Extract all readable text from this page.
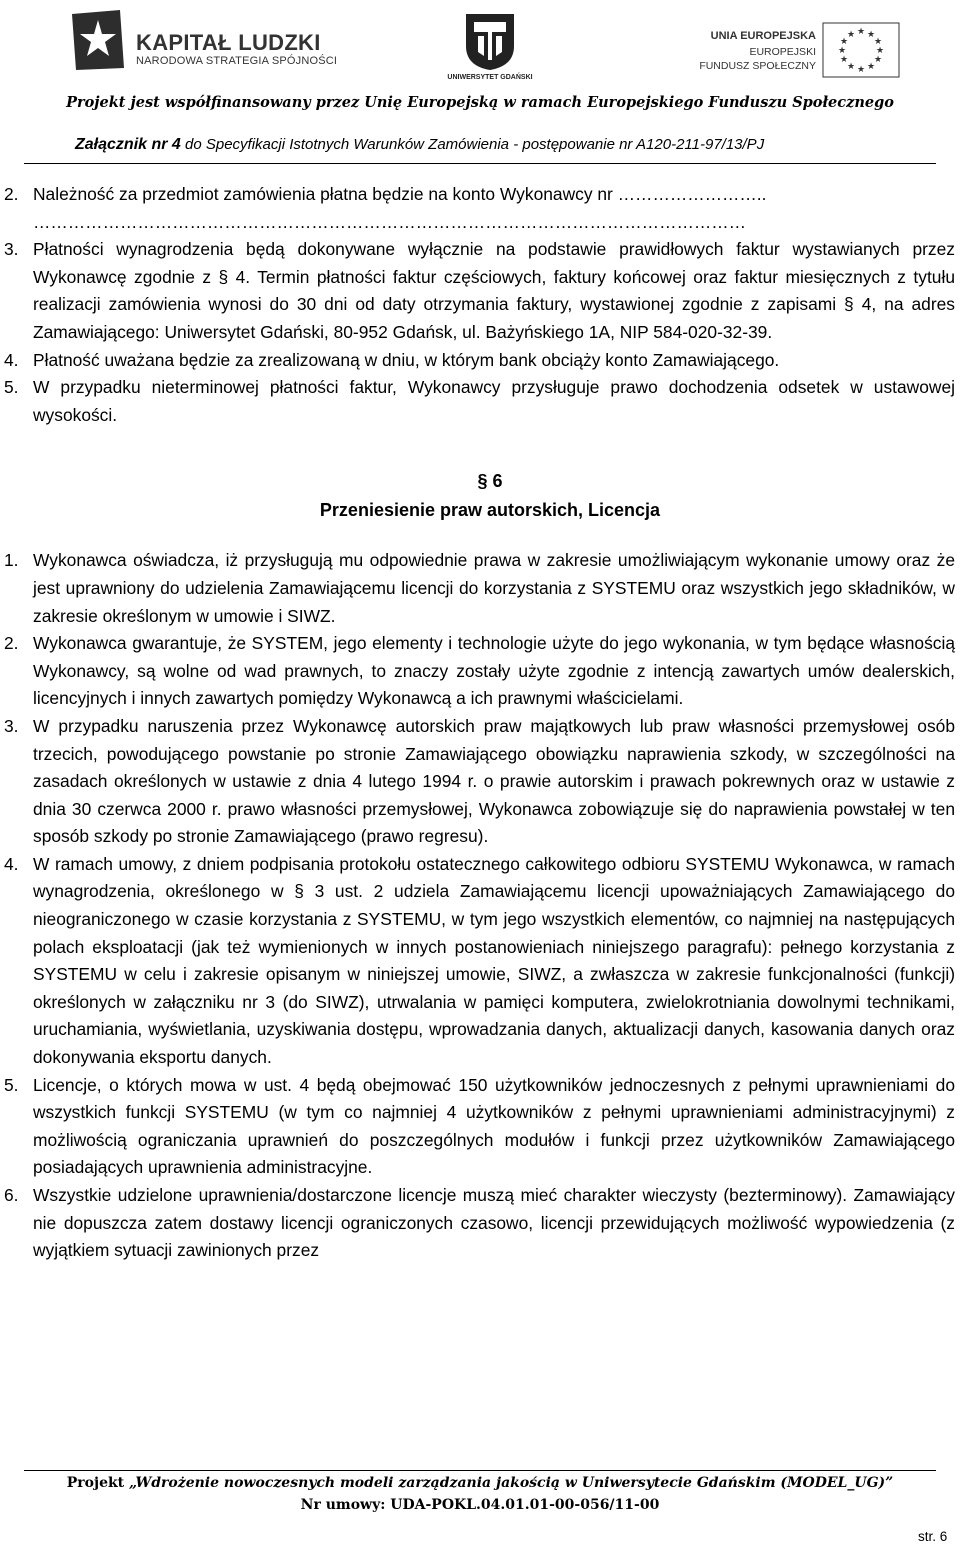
KAPITAŁ LUDZKI
NARODOWA STRATEGIA SPÓJNOŚCI
UNIWERSYTET GDAŃSKI
UNIA EUROPEJSKA
EUROPEJSKI
FUNDUSZ SPOŁECZNY
★ ★
★
★
★
★
★
★
★
★
★
★
Projekt jest współfinansowany przez Unię Europejską w ramach Europejskiego Funduszu Społecznego
Załącznik nr 4 do Specyfikacji Istotnych Warunków Zamówienia - postępowanie nr A120-211-97/13/PJ
2. Należność za przedmiot zamówienia płatna będzie na konto Wykonawcy nr ……………………..
……………………………………………………………………………………………………………
3. Płatności wynagrodzenia będą dokonywane wyłącznie na podstawie prawidłowych faktur wystawianych przez Wykonawcę zgodnie z § 4. Termin płatności faktur częściowych, faktury końcowej oraz faktur miesięcznych z tytułu realizacji zamówienia wynosi do 30 dni od daty otrzymania faktury, wystawionej zgodnie z zapisami § 4, na adres Zamawiającego: Uniwersytet Gdański, 80-952 Gdańsk, ul. Bażyńskiego 1A, NIP 584-020-32-39.
4. Płatność uważana będzie za zrealizowaną w dniu, w którym bank obciąży konto Zamawiającego.
5. W przypadku nieterminowej płatności faktur, Wykonawcy przysługuje prawo dochodzenia odsetek w ustawowej wysokości.
§ 6
Przeniesienie praw autorskich, Licencja
1. Wykonawca oświadcza, iż przysługują mu odpowiednie prawa w zakresie umożliwiającym wykonanie umowy oraz że jest uprawniony do udzielenia Zamawiającemu licencji do korzystania z SYSTEMU oraz wszystkich jego składników, w zakresie określonym w umowie i SIWZ.
2. Wykonawca gwarantuje, że SYSTEM, jego elementy i technologie użyte do jego wykonania, w tym będące własnością Wykonawcy, są wolne od wad prawnych, to znaczy zostały użyte zgodnie z intencją zawartych umów dealerskich, licencyjnych i innych zawartych pomiędzy Wykonawcą a ich prawnymi właścicielami.
3. W przypadku naruszenia przez Wykonawcę autorskich praw majątkowych lub praw własności przemysłowej osób trzecich, powodującego powstanie po stronie Zamawiającego obowiązku naprawienia szkody, w szczególności na zasadach określonych w ustawie z dnia 4 lutego 1994 r. o prawie autorskim i prawach pokrewnych oraz w ustawie z dnia 30 czerwca 2000 r. prawo własności przemysłowej, Wykonawca zobowiązuje się do naprawienia powstałej w ten sposób szkody po stronie Zamawiającego (prawo regresu).
4. W ramach umowy, z dniem podpisania protokołu ostatecznego całkowitego odbioru SYSTEMU Wykonawca, w ramach wynagrodzenia, określonego w § 3 ust. 2 udziela Zamawiającemu licencji upoważniających Zamawiającego do nieograniczonego w czasie korzystania z SYSTEMU, w tym jego wszystkich elementów, co najmniej na następujących polach eksploatacji (jak też wymienionych w innych postanowieniach niniejszego paragrafu): pełnego korzystania z SYSTEMU w celu i zakresie opisanym w niniejszej umowie, SIWZ, a zwłaszcza w zakresie funkcjonalności (funkcji) określonych w załączniku nr 3 (do SIWZ), utrwalania w pamięci komputera, zwielokrotniania dowolnymi technikami, uruchamiania, wyświetlania, uzyskiwania dostępu, wprowadzania danych, aktualizacji danych, kasowania danych oraz dokonywania eksportu danych.
5. Licencje, o których mowa w ust. 4 będą obejmować 150 użytkowników jednoczesnych z pełnymi uprawnieniami do wszystkich funkcji SYSTEMU (w tym co najmniej 4 użytkowników z pełnymi uprawnieniami administracyjnymi) z możliwością ograniczania uprawnień do poszczególnych modułów i funkcji przez użytkowników Zamawiającego posiadających uprawnienia administracyjne.
6. Wszystkie udzielone uprawnienia/dostarczone licencje muszą mieć charakter wieczysty (bezterminowy). Zamawiający nie dopuszcza zatem dostawy licencji ograniczonych czasowo, licencji przewidujących możliwość wypowiedzenia (z wyjątkiem sytuacji zawinionych przez
Projekt „Wdrożenie nowoczesnych modeli zarządzania jakością w Uniwersytecie Gdańskim (MODEL_UG)”
Nr umowy: UDA-POKL.04.01.01-00-056/11-00
str. 6
